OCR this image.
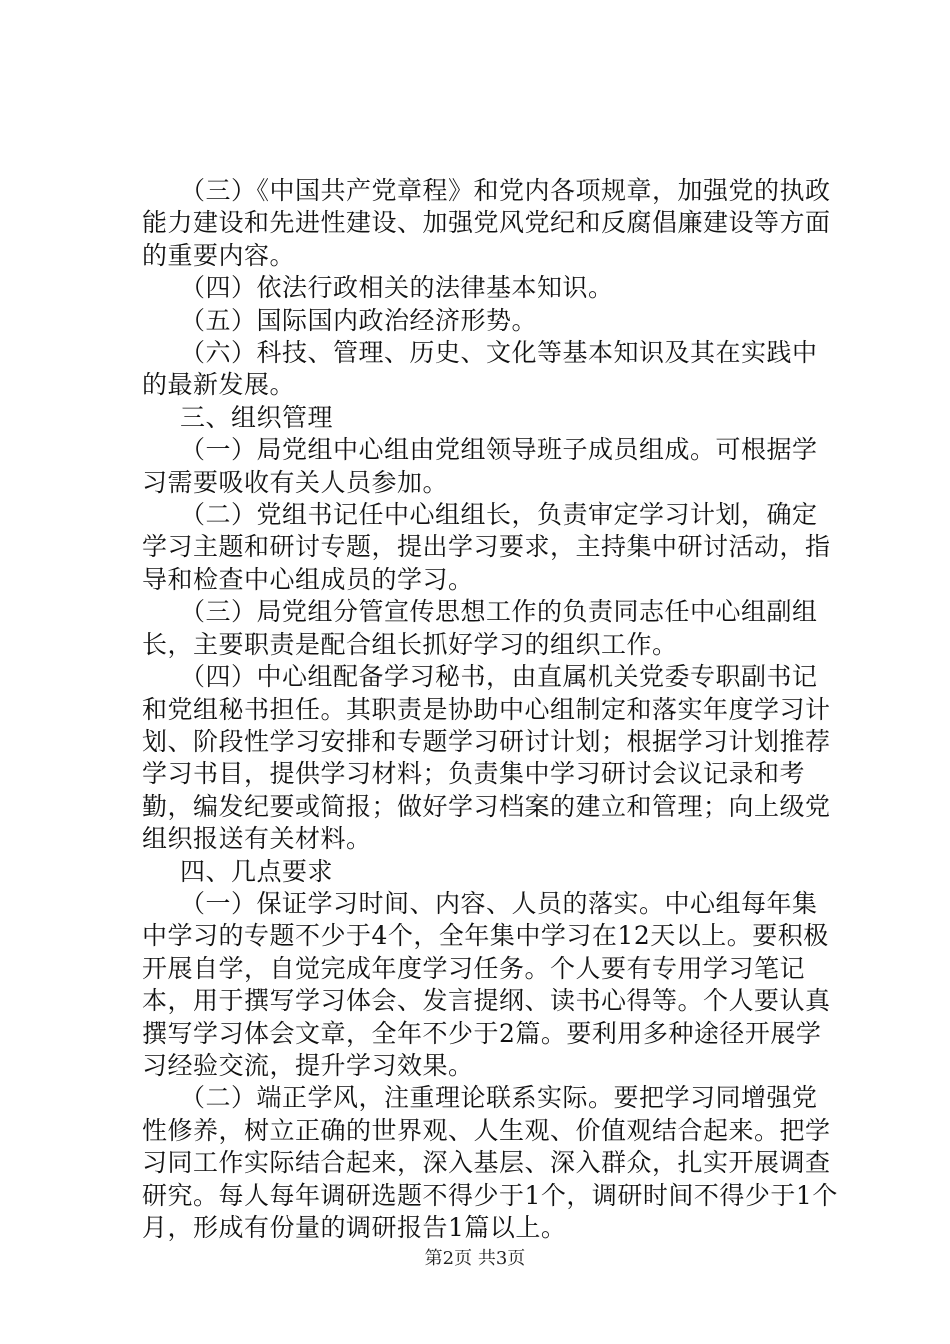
（三）《中国共产党章程》和党内各项规章，加强党的执政能力建设和先进性建设、加强党风党纪和反腐倡廉建设等方面的重要内容。

（四）依法行政相关的法律基本知识。

（五）国际国内政治经济形势。

（六）科技、管理、历史、文化等基本知识及其在实践中的最新发展。

三、组织管理

（一）局党组中心组由党组领导班子成员组成。可根据学习需要吸收有关人员参加。

（二）党组书记任中心组组长，负责审定学习计划，确定学习主题和研讨专题，提出学习要求，主持集中研讨活动，指导和检查中心组成员的学习。

（三）局党组分管宣传思想工作的负责同志任中心组副组长，主要职责是配合组长抓好学习的组织工作。

（四）中心组配备学习秘书，由直属机关党委专职副书记和党组秘书担任。其职责是协助中心组制定和落实年度学习计划、阶段性学习安排和专题学习研讨计划；根据学习计划推荐学习书目，提供学习材料；负责集中学习研讨会议记录和考勤，编发纪要或简报；做好学习档案的建立和管理；向上级党组织报送有关材料。

四、几点要求

（一）保证学习时间、内容、人员的落实。中心组每年集中学习的专题不少于4个，全年集中学习在12天以上。要积极开展自学，自觉完成年度学习任务。个人要有专用学习笔记本，用于撰写学习体会、发言提纲、读书心得等。个人要认真撰写学习体会文章，全年不少于2篇。要利用多种途径开展学习经验交流，提升学习效果。

（二）端正学风，注重理论联系实际。要把学习同增强党性修养，树立正确的世界观、人生观、价值观结合起来。把学习同工作实际结合起来，深入基层、深入群众，扎实开展调查研究。每人每年调研选题不得少于1个，调研时间不得少于1个月，形成有份量的调研报告1篇以上。

第2页 共3页
